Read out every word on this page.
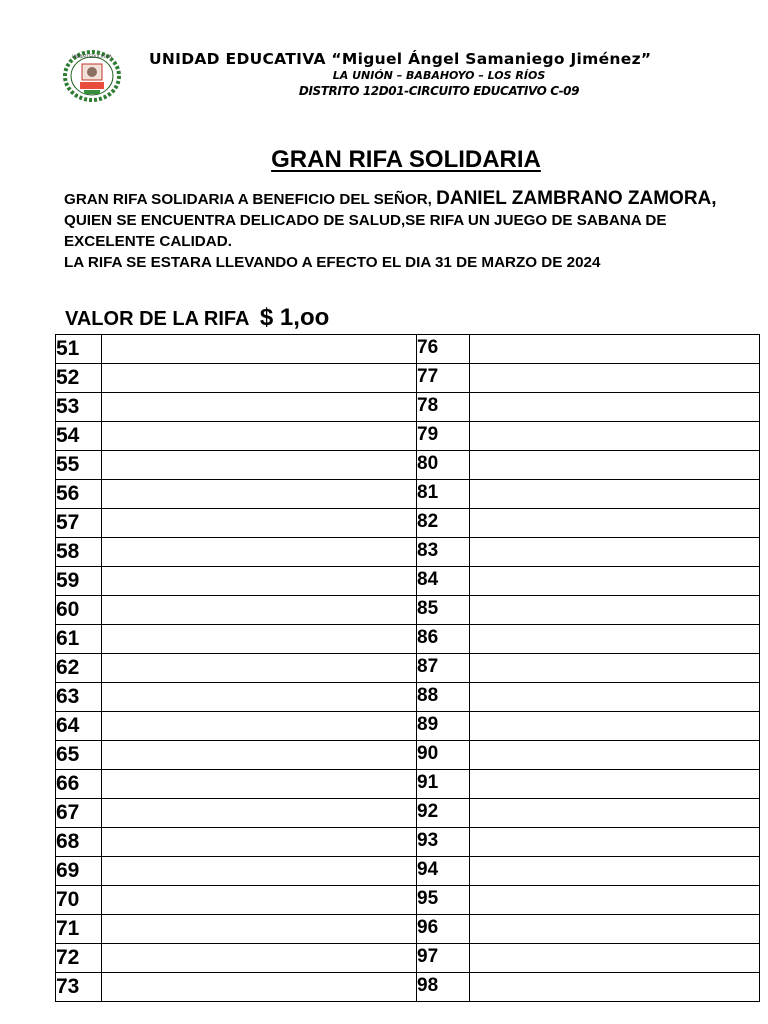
UNIDAD EDUCATIVA UNIDAD EDUCATIVA “Miguel Ángel Samaniego Jiménez”
LA UNIÓN – BABAHOYO – LOS RÍOS
DISTRITO 12D01-CIRCUITO EDUCATIVO C-09
GRAN RIFA SOLIDARIA
GRAN RIFA SOLIDARIA A BENEFICIO DEL SEÑOR, DANIEL ZAMBRANO ZAMORA, QUIEN SE ENCUENTRA DELICADO DE SALUD,SE RIFA UN JUEGO DE SABANA DE EXCELENTE CALIDAD.
LA RIFA SE ESTARA LLEVANDO A EFECTO EL DIA 31 DE MARZO DE 2024
VALOR DE LA RIFA $ 1,oo
51		76	
52		77	
53		78	
54		79	
55		80	
56		81	
57		82	
58		83	
59		84	
60		85	
61		86	
62		87	
63		88	
64		89	
65		90	
66		91	
67		92	
68		93	
69		94	
70		95	
71		96	
72		97	
73		98	
